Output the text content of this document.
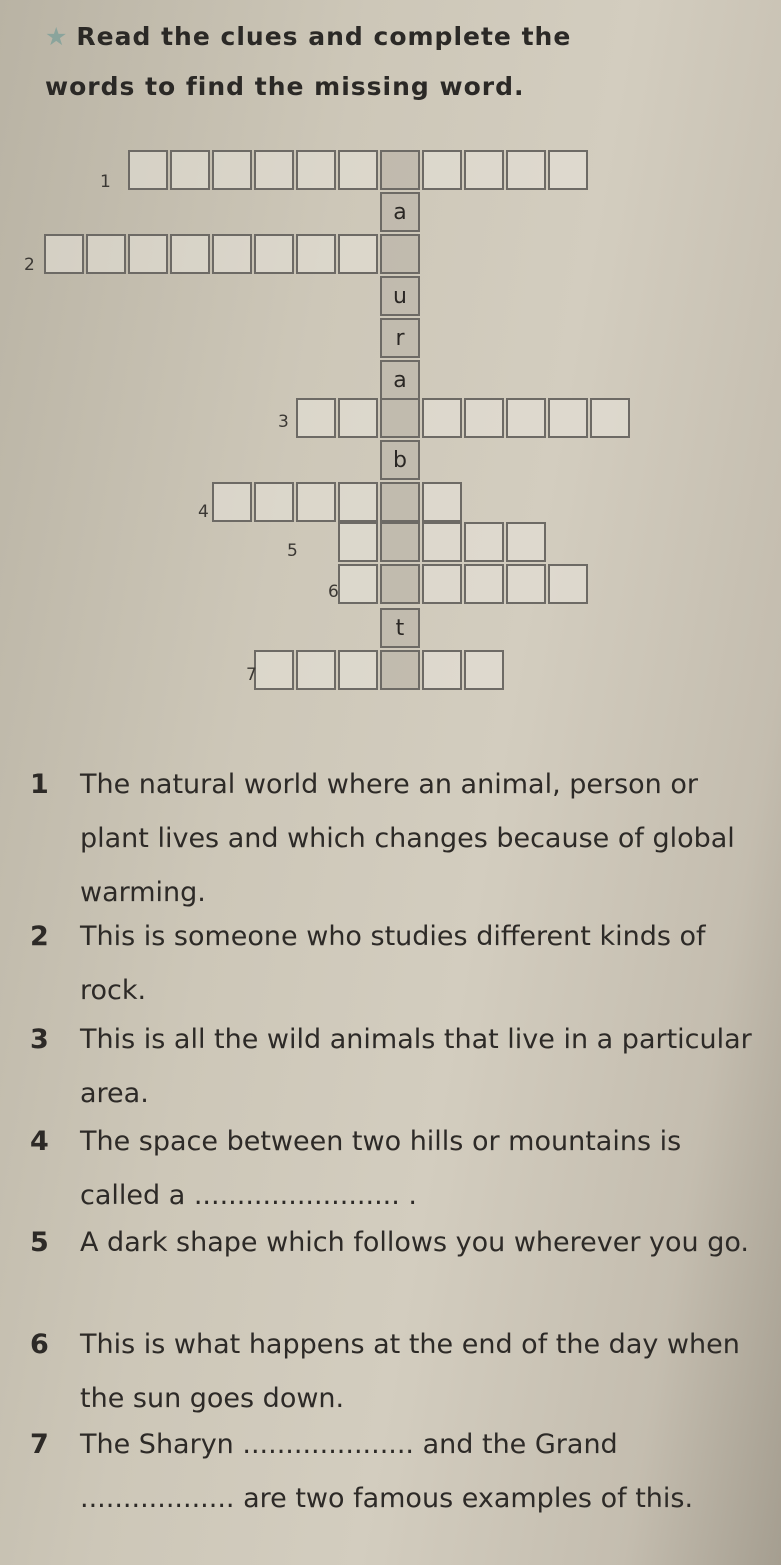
★ Read the clues and complete the
words to find the missing word.
1
a
2
u
r
a
3
b
4
5
6
t
7
1	The natural world where an animal, person or plant lives and which changes because of global warming.
2	This is someone who studies different kinds of rock.
3	This is all the wild animals that live in a particular area.
4	The space between two hills or mountains is called a ........................ .
5	A dark shape which follows you wherever you go.
6	This is what happens at the end of the day when the sun goes down.
7	The Sharyn .................... and the Grand .................. are two famous examples of this.
